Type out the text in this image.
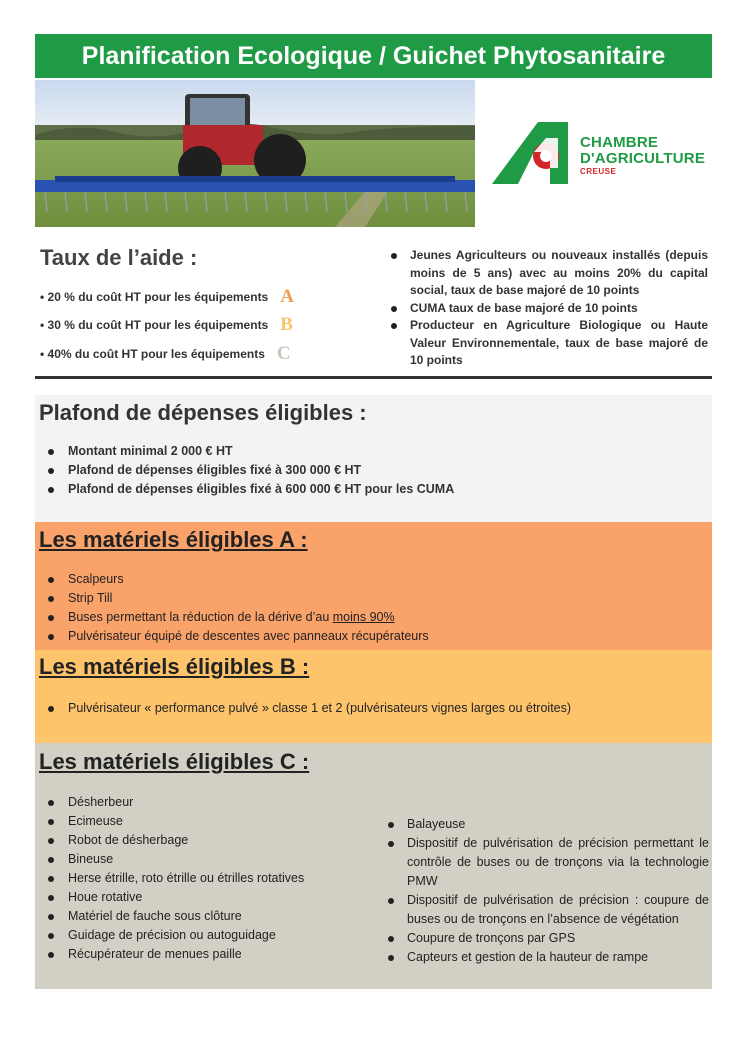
Planification Ecologique / Guichet Phytosanitaire
CHAMBRE
D'AGRICULTURE
CREUSE
Taux de l’aide :
• 20 % du coût HT pour les équipements A
• 30 % du coût HT pour les équipements B
• 40% du coût HT pour les équipements C
Jeunes Agriculteurs ou nouveaux installés (depuis moins de 5 ans) avec au moins 20% du capital social, taux de base majoré de 10 points
CUMA taux de base majoré de 10 points
Producteur en Agriculture Biologique ou Haute Valeur Environnementale, taux de base majoré de 10 points
Plafond de dépenses éligibles :
Montant minimal 2 000 € HT
Plafond de dépenses éligibles fixé à 300 000 € HT
Plafond de dépenses éligibles fixé à 600 000 € HT pour les CUMA
Les matériels éligibles A :
Scalpeurs
Strip Till
Buses permettant la réduction de la dérive d’au moins 90%
Pulvérisateur équipé de descentes avec panneaux récupérateurs
Les matériels éligibles B :
Pulvérisateur « performance pulvé » classe 1 et 2 (pulvérisateurs vignes larges ou étroites)
Les matériels éligibles C :
Désherbeur
Ecimeuse
Robot de désherbage
Bineuse
Herse étrille, roto étrille ou étrilles rotatives
Houe rotative
Matériel de fauche sous clôture
Guidage de précision ou autoguidage
Récupérateur de menues paille
Balayeuse
Dispositif de pulvérisation de précision permettant le contrôle de buses ou de tronçons via la technologie PMW
Dispositif de pulvérisation de précision : coupure de buses ou de tronçons en l’absence de végétation
Coupure de tronçons par GPS
Capteurs et gestion de la hauteur de rampe
